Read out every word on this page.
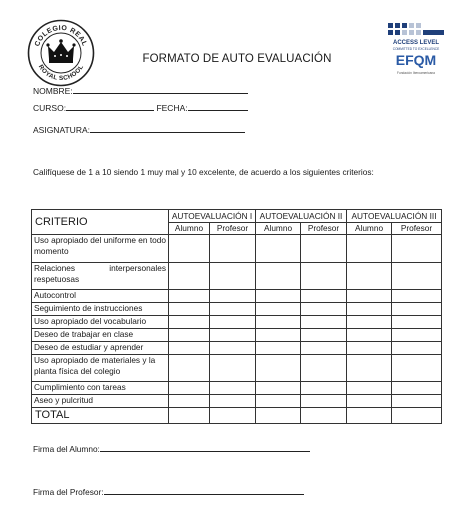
COLEGIO REAL
ROYAL SCHOOL
ACCESS LEVEL
COMMITTED TO EXCELLENCE
EFQM
Fundación Iberoamericana
FORMATO DE AUTO EVALUACIÓN
NOMBRE:
CURSO:	FECHA:
ASIGNATURA:
Califíquese de 1 a 10 siendo 1 muy mal y 10 excelente, de acuerdo a los siguientes criterios:
CRITERIO	AUTOEVALUACIÓN I		AUTOEVALUACIÓN II		AUTOEVALUACIÓN III	
	Alumno	Profesor	Alumno	Profesor	Alumno	Profesor
Uso apropiado del uniforme en todo momento						
Relaciones interpersonales respetuosas						
Autocontrol						
Seguimiento de instrucciones						
Uso apropiado del vocabulario						
Deseo de trabajar en clase						
Deseo de estudiar y aprender						
Uso apropiado de materiales y la planta física del colegio						
Cumplimiento con tareas						
Aseo y pulcritud						
TOTAL						
Firma del Alumno:
Firma del Profesor:
